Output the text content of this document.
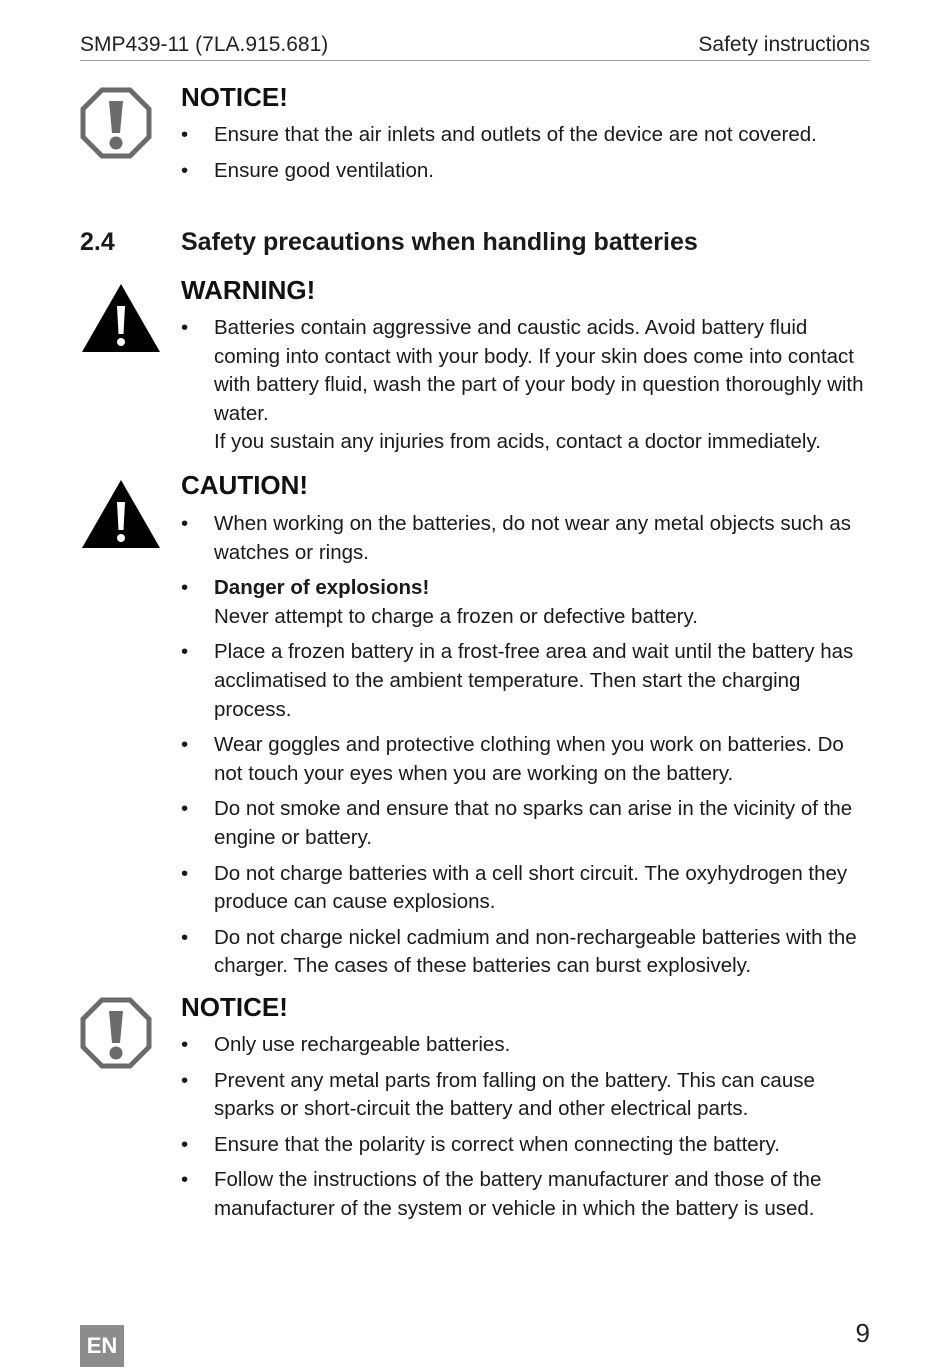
SMP439-11 (7LA.915.681)	Safety instructions
NOTICE!
• Ensure that the air inlets and outlets of the device are not covered.
• Ensure good ventilation.
2.4	Safety precautions when handling batteries
WARNING!
• Batteries contain aggressive and caustic acids. Avoid battery fluid coming into contact with your body. If your skin does come into contact with battery fluid, wash the part of your body in question thoroughly with water.
If you sustain any injuries from acids, contact a doctor immediately.
CAUTION!
• When working on the batteries, do not wear any metal objects such as watches or rings.
• Danger of explosions!
Never attempt to charge a frozen or defective battery.
• Place a frozen battery in a frost-free area and wait until the battery has acclimatised to the ambient temperature. Then start the charging process.
• Wear goggles and protective clothing when you work on batteries. Do not touch your eyes when you are working on the battery.
• Do not smoke and ensure that no sparks can arise in the vicinity of the engine or battery.
• Do not charge batteries with a cell short circuit. The oxyhydrogen they produce can cause explosions.
• Do not charge nickel cadmium and non-rechargeable batteries with the charger. The cases of these batteries can burst explosively.
NOTICE!
• Only use rechargeable batteries.
• Prevent any metal parts from falling on the battery. This can cause sparks or short-circuit the battery and other electrical parts.
• Ensure that the polarity is correct when connecting the battery.
• Follow the instructions of the battery manufacturer and those of the manufacturer of the system or vehicle in which the battery is used.
EN	9
